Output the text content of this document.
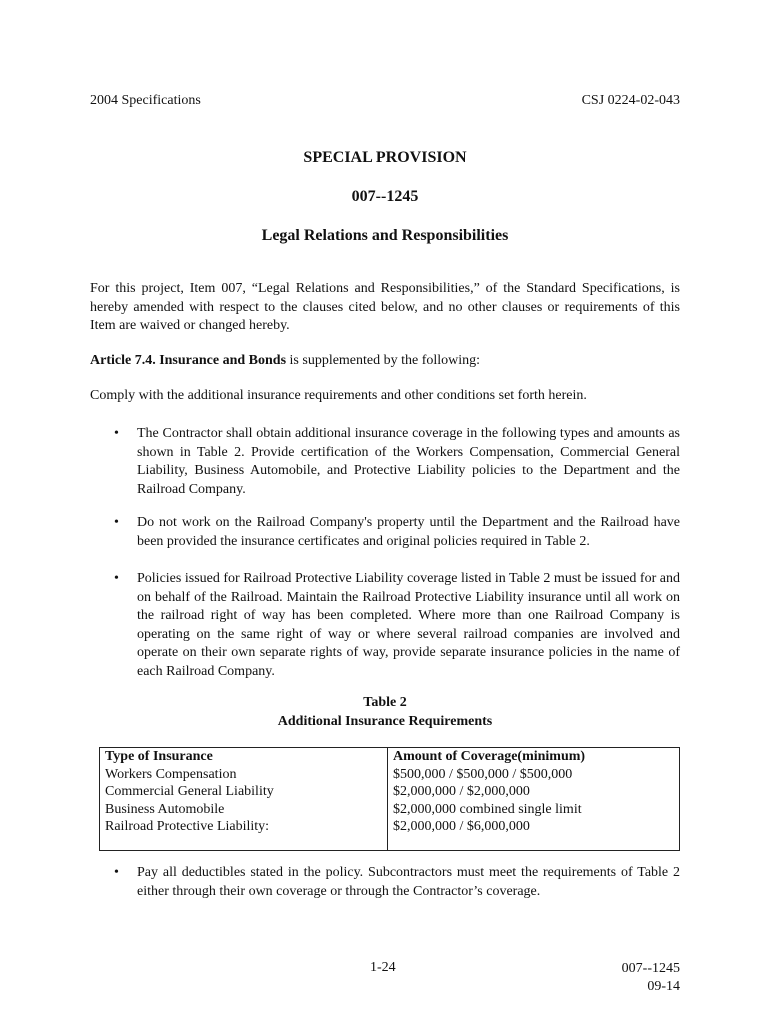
2004 Specifications	CSJ 0224-02-043
SPECIAL PROVISION
007--1245
Legal Relations and Responsibilities
For this project, Item 007, “Legal Relations and Responsibilities,” of the Standard Specifications, is hereby amended with respect to the clauses cited below, and no other clauses or requirements of this Item are waived or changed hereby.
Article 7.4. Insurance and Bonds is supplemented by the following:
Comply with the additional insurance requirements and other conditions set forth herein.
• The Contractor shall obtain additional insurance coverage in the following types and amounts as shown in Table 2. Provide certification of the Workers Compensation, Commercial General Liability, Business Automobile, and Protective Liability policies to the Department and the Railroad Company.
• Do not work on the Railroad Company's property until the Department and the Railroad have been provided the insurance certificates and original policies required in Table 2.
• Policies issued for Railroad Protective Liability coverage listed in Table 2 must be issued for and on behalf of the Railroad. Maintain the Railroad Protective Liability insurance until all work on the railroad right of way has been completed. Where more than one Railroad Company is operating on the same right of way or where several railroad companies are involved and operate on their own separate rights of way, provide separate insurance policies in the name of each Railroad Company.
Table 2
Additional Insurance Requirements
Type of Insurance	Amount of Coverage(minimum)
Workers Compensation	$500,000 / $500,000 / $500,000
Commercial General Liability	$2,000,000 / $2,000,000
Business Automobile	$2,000,000 combined single limit
Railroad Protective Liability:	$2,000,000 / $6,000,000
• Pay all deductibles stated in the policy. Subcontractors must meet the requirements of Table 2 either through their own coverage or through the Contractor’s coverage.
1-24	007--1245
09-14
